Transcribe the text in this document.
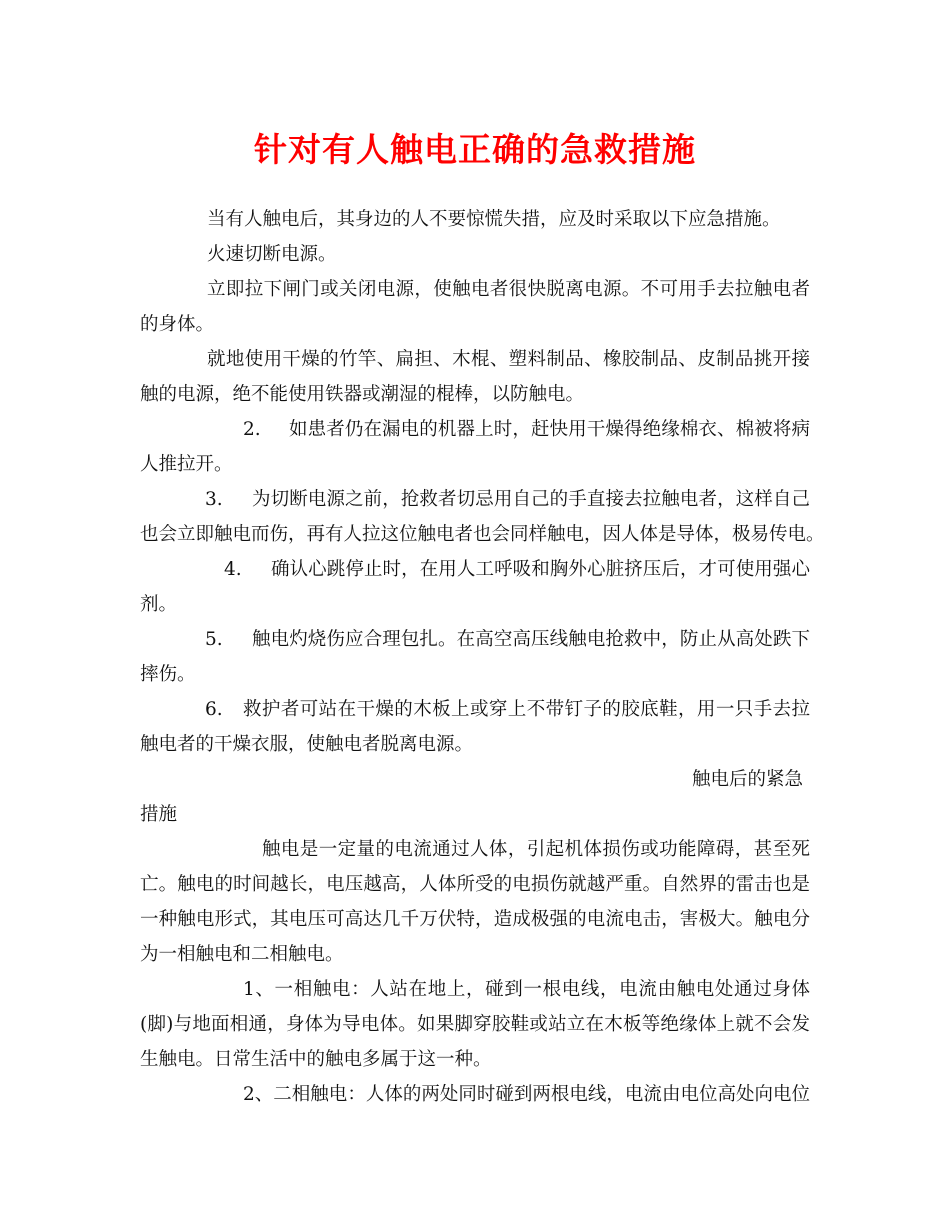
针对有人触电正确的急救措施

当有人触电后，其身边的人不要惊慌失措，应及时采取以下应急措施。

火速切断电源。

立即拉下闸门或关闭电源，使触电者很快脱离电源。不可用手去拉触电者

的身体。

就地使用干燥的竹竿、扁担、木棍、塑料制品、橡胶制品、皮制品挑开接

触的电源，绝不能使用铁器或潮湿的棍棒，以防触电。

2. 如患者仍在漏电的机器上时，赶快用干燥得绝缘棉衣、棉被将病

人推拉开。

3. 为切断电源之前，抢救者切忌用自己的手直接去拉触电者，这样自己

也会立即触电而伤，再有人拉这位触电者也会同样触电，因人体是导体，极易传电。

4. 确认心跳停止时，在用人工呼吸和胸外心脏挤压后，才可使用强心

剂。

5. 触电灼烧伤应合理包扎。在高空高压线触电抢救中，防止从高处跌下

摔伤。

6. 救护者可站在干燥的木板上或穿上不带钉子的胶底鞋，用一只手去拉

触电者的干燥衣服，使触电者脱离电源。

触电后的紧急

措施

触电是一定量的电流通过人体，引起机体损伤或功能障碍，甚至死

亡。触电的时间越长，电压越高，人体所受的电损伤就越严重。自然界的雷击也是

一种触电形式，其电压可高达几千万伏特，造成极强的电流电击，害极大。触电分

为一相触电和二相触电。

1、一相触电：人站在地上，碰到一根电线，电流由触电处通过身体

(脚)与地面相通，身体为导电体。如果脚穿胶鞋或站立在木板等绝缘体上就不会发

生触电。日常生活中的触电多属于这一种。

2、二相触电：人体的两处同时碰到两根电线，电流由电位高处向电位
